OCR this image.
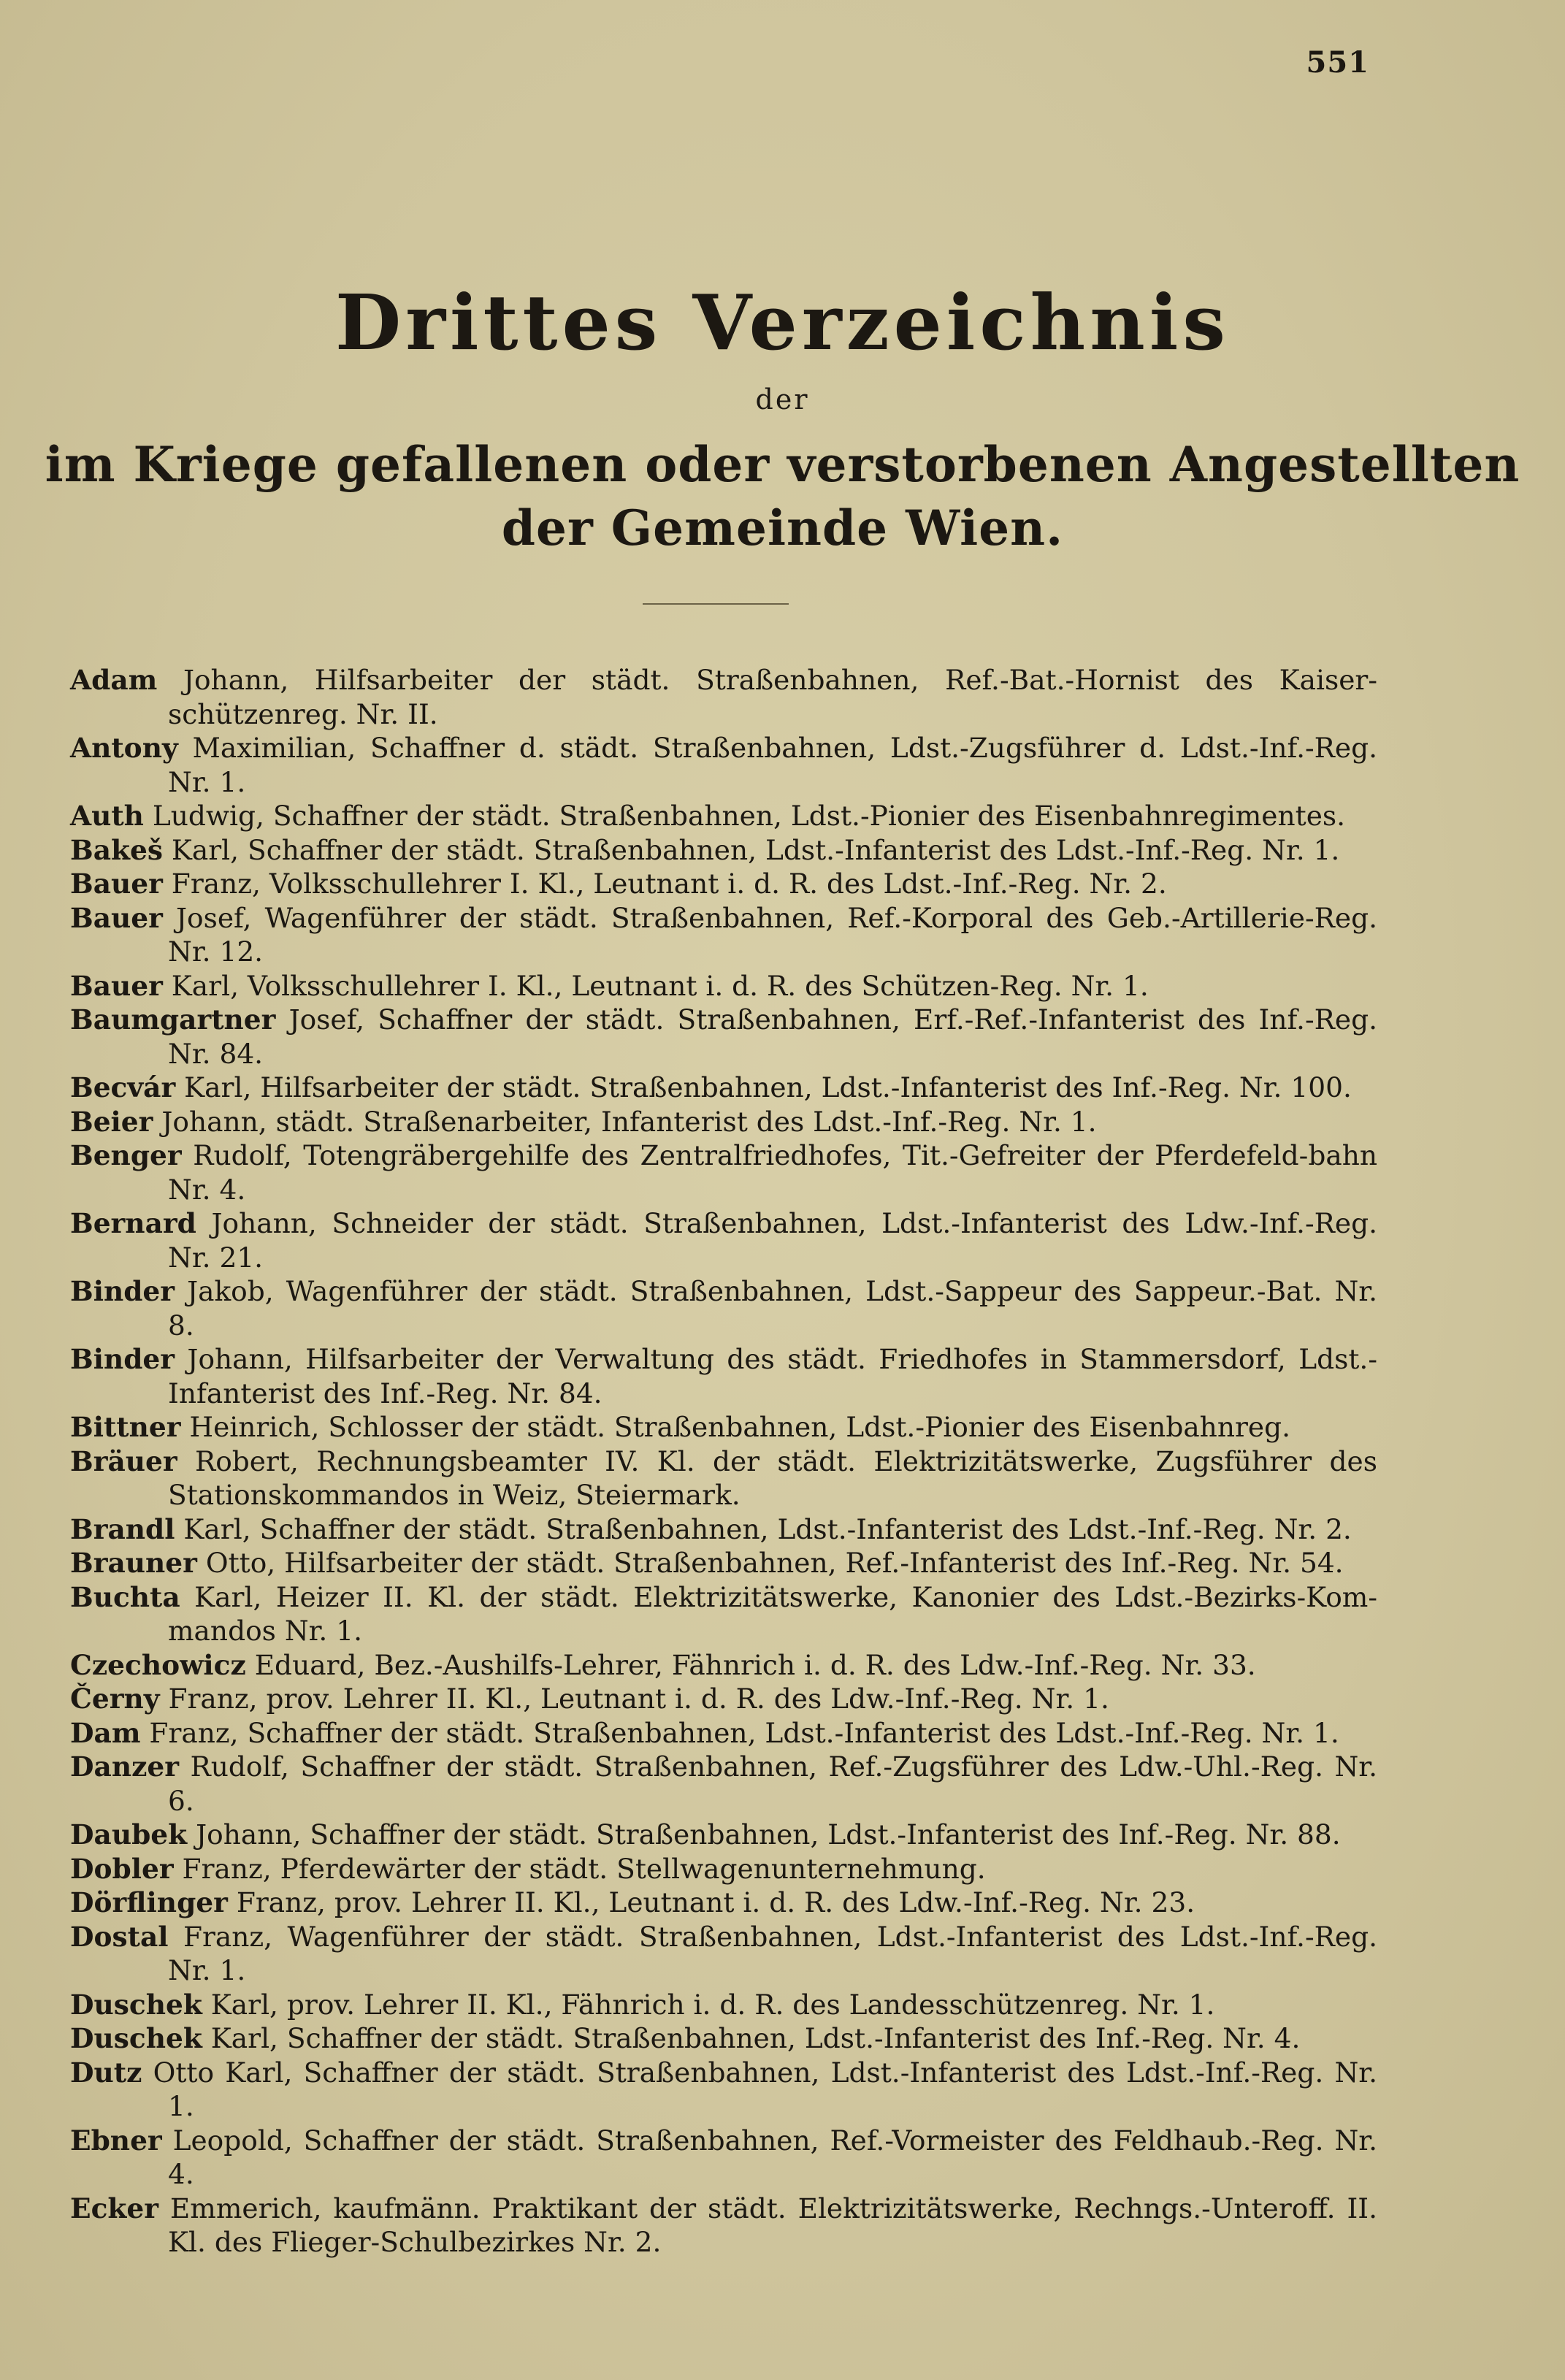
551
Drittes Verzeichnis
der
im Kriege gefallenen oder verstorbenen Angestellten
der Gemeinde Wien.

Adam Johann, Hilfsarbeiter der städt. Straßenbahnen, Ref.-Bat.-Hornist des Kaiser-schützenreg. Nr. II.

Antony Maximilian, Schaffner d. städt. Straßenbahnen, Ldst.-Zugsführer d. Ldst.-Inf.-Reg. Nr. 1.

Auth Ludwig, Schaffner der städt. Straßenbahnen, Ldst.-Pionier des Eisenbahnregimentes.

Bakeš Karl, Schaffner der städt. Straßenbahnen, Ldst.-Infanterist des Ldst.-Inf.-Reg. Nr. 1.

Bauer Franz, Volksschullehrer I. Kl., Leutnant i. d. R. des Ldst.-Inf.-Reg. Nr. 2.

Bauer Josef, Wagenführer der städt. Straßenbahnen, Ref.-Korporal des Geb.-Artillerie-Reg. Nr. 12.

Bauer Karl, Volksschullehrer I. Kl., Leutnant i. d. R. des Schützen-Reg. Nr. 1.

Baumgartner Josef, Schaffner der städt. Straßenbahnen, Erf.-Ref.-Infanterist des Inf.-Reg. Nr. 84.

Becvár Karl, Hilfsarbeiter der städt. Straßenbahnen, Ldst.-Infanterist des Inf.-Reg. Nr. 100.

Beier Johann, städt. Straßenarbeiter, Infanterist des Ldst.-Inf.-Reg. Nr. 1.

Benger Rudolf, Totengräbergehilfe des Zentralfriedhofes, Tit.-Gefreiter der Pferdefeld-bahn Nr. 4.

Bernard Johann, Schneider der städt. Straßenbahnen, Ldst.-Infanterist des Ldw.-Inf.-Reg. Nr. 21.

Binder Jakob, Wagenführer der städt. Straßenbahnen, Ldst.-Sappeur des Sappeur.-Bat. Nr. 8.

Binder Johann, Hilfsarbeiter der Verwaltung des städt. Friedhofes in Stammersdorf, Ldst.-Infanterist des Inf.-Reg. Nr. 84.

Bittner Heinrich, Schlosser der städt. Straßenbahnen, Ldst.-Pionier des Eisenbahnreg.

Bräuer Robert, Rechnungsbeamter IV. Kl. der städt. Elektrizitätswerke, Zugsführer des Stationskommandos in Weiz, Steiermark.

Brandl Karl, Schaffner der städt. Straßenbahnen, Ldst.-Infanterist des Ldst.-Inf.-Reg. Nr. 2.

Brauner Otto, Hilfsarbeiter der städt. Straßenbahnen, Ref.-Infanterist des Inf.-Reg. Nr. 54.

Buchta Karl, Heizer II. Kl. der städt. Elektrizitätswerke, Kanonier des Ldst.-Bezirks-Kom-mandos Nr. 1.

Czechowicz Eduard, Bez.-Aushilfs-Lehrer, Fähnrich i. d. R. des Ldw.-Inf.-Reg. Nr. 33.

Černy Franz, prov. Lehrer II. Kl., Leutnant i. d. R. des Ldw.-Inf.-Reg. Nr. 1.

Dam Franz, Schaffner der städt. Straßenbahnen, Ldst.-Infanterist des Ldst.-Inf.-Reg. Nr. 1.

Danzer Rudolf, Schaffner der städt. Straßenbahnen, Ref.-Zugsführer des Ldw.-Uhl.-Reg. Nr. 6.

Daubek Johann, Schaffner der städt. Straßenbahnen, Ldst.-Infanterist des Inf.-Reg. Nr. 88.

Dobler Franz, Pferdewärter der städt. Stellwagenunternehmung.

Dörflinger Franz, prov. Lehrer II. Kl., Leutnant i. d. R. des Ldw.-Inf.-Reg. Nr. 23.

Dostal Franz, Wagenführer der städt. Straßenbahnen, Ldst.-Infanterist des Ldst.-Inf.-Reg. Nr. 1.

Duschek Karl, prov. Lehrer II. Kl., Fähnrich i. d. R. des Landesschützenreg. Nr. 1.

Duschek Karl, Schaffner der städt. Straßenbahnen, Ldst.-Infanterist des Inf.-Reg. Nr. 4.

Dutz Otto Karl, Schaffner der städt. Straßenbahnen, Ldst.-Infanterist des Ldst.-Inf.-Reg. Nr. 1.

Ebner Leopold, Schaffner der städt. Straßenbahnen, Ref.-Vormeister des Feldhaub.-Reg. Nr. 4.

Ecker Emmerich, kaufmänn. Praktikant der städt. Elektrizitätswerke, Rechngs.-Unteroff. II. Kl. des Flieger-Schulbezirkes Nr. 2.
